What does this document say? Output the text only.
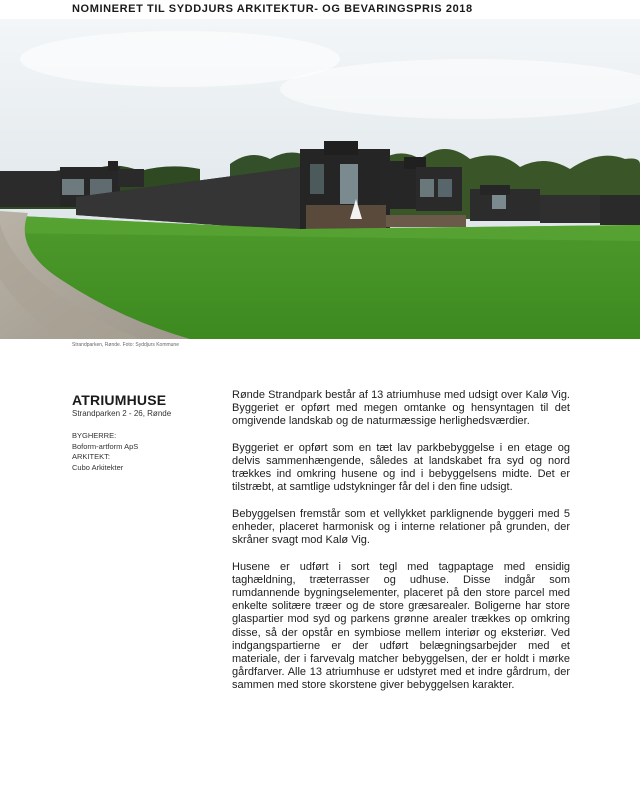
NOMINERET TIL SYDDJURS ARKITEKTUR- OG BEVARINGSPRIS 2018
Strandparken, Rønde. Foto: Syddjurs Kommune
ATRIUMHUSE
Strandparken 2 - 26, Rønde
BYGHERRE:
Boform-artform ApS
ARKITEKT:
Cubo Arkitekter

Rønde Strandpark består af 13 atriumhuse med udsigt over Kalø Vig. Byggeriet er opført med megen omtanke og hensyntagen til det omgivende landskab og de naturmæssige herlighedsværdier.

Byggeriet er opført som en tæt lav parkbebyggelse i en etage og delvis sammenhængende, således at landskabet fra syd og nord trækkes ind omkring husene og ind i bebyggelsens midte. Det er tilstræbt, at samtlige udstykninger får del i den fine udsigt.

Bebyggelsen fremstår som et vellykket parklignende byggeri med 5 enheder, placeret harmonisk og i interne relationer på grunden, der skråner svagt mod Kalø Vig.

Husene er udført i sort tegl med tagpaptage med ensidig taghældning, træterrasser og udhuse. Disse indgår som rumdannende bygningselementer, placeret på den store parcel med enkelte solitære træer og de store græsarealer. Boligerne har store glaspartier mod syd og parkens grønne arealer trækkes op omkring disse, så der opstår en symbiose mellem interiør og eksteriør. Ved indgangspartierne er der udført belægningsarbejder med et materiale, der i farvevalg matcher bebyggelsen, der er holdt i mørke gårdfarver. Alle 13 atriumhuse er udstyret med et indre gårdrum, der sammen med store skorstene giver bebyggelsen karakter.
